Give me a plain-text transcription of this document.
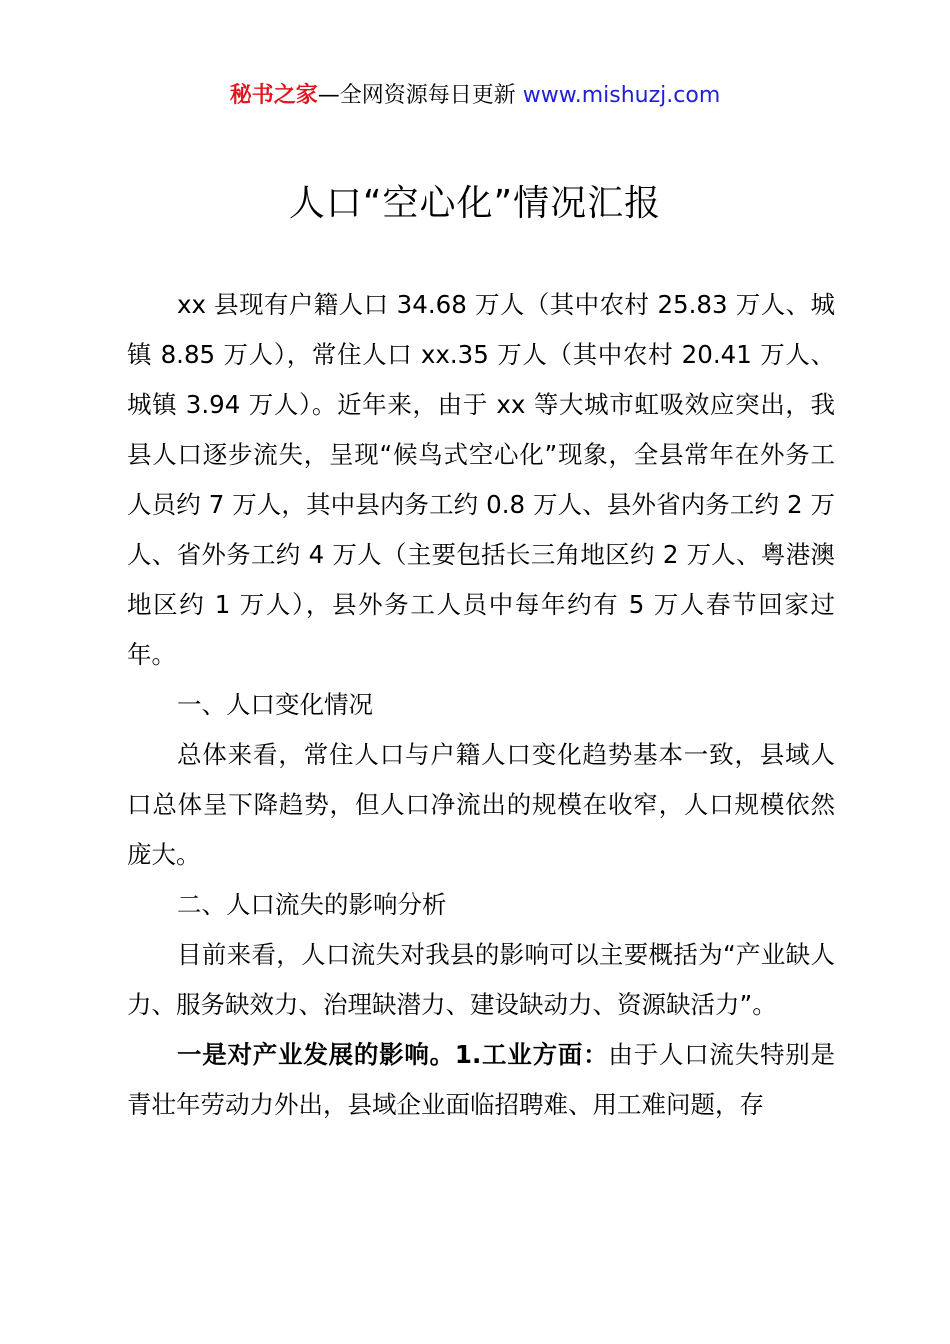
秘书之家—全网资源每日更新 www.mishuzj.com
人口“空心化”情况汇报

xx 县现有户籍人口 34.68 万人（其中农村 25.83 万人、城镇 8.85 万人），常住人口 xx.35 万人（其中农村 20.41 万人、城镇 3.94 万人）。近年来，由于 xx 等大城市虹吸效应突出，我县人口逐步流失，呈现“候鸟式空心化”现象，全县常年在外务工人员约 7 万人，其中县内务工约 0.8 万人、县外省内务工约 2 万人、省外务工约 4 万人（主要包括长三角地区约 2 万人、粤港澳地区约 1 万人），县外务工人员中每年约有 5 万人春节回家过年。

一、人口变化情况

总体来看，常住人口与户籍人口变化趋势基本一致，县域人口总体呈下降趋势，但人口净流出的规模在收窄，人口规模依然庞大。

二、人口流失的影响分析

目前来看，人口流失对我县的影响可以主要概括为“产业缺人力、服务缺效力、治理缺潜力、建设缺动力、资源缺活力”。

一是对产业发展的影响。1.工业方面：由于人口流失特别是青壮年劳动力外出，县域企业面临招聘难、用工难问题，存
